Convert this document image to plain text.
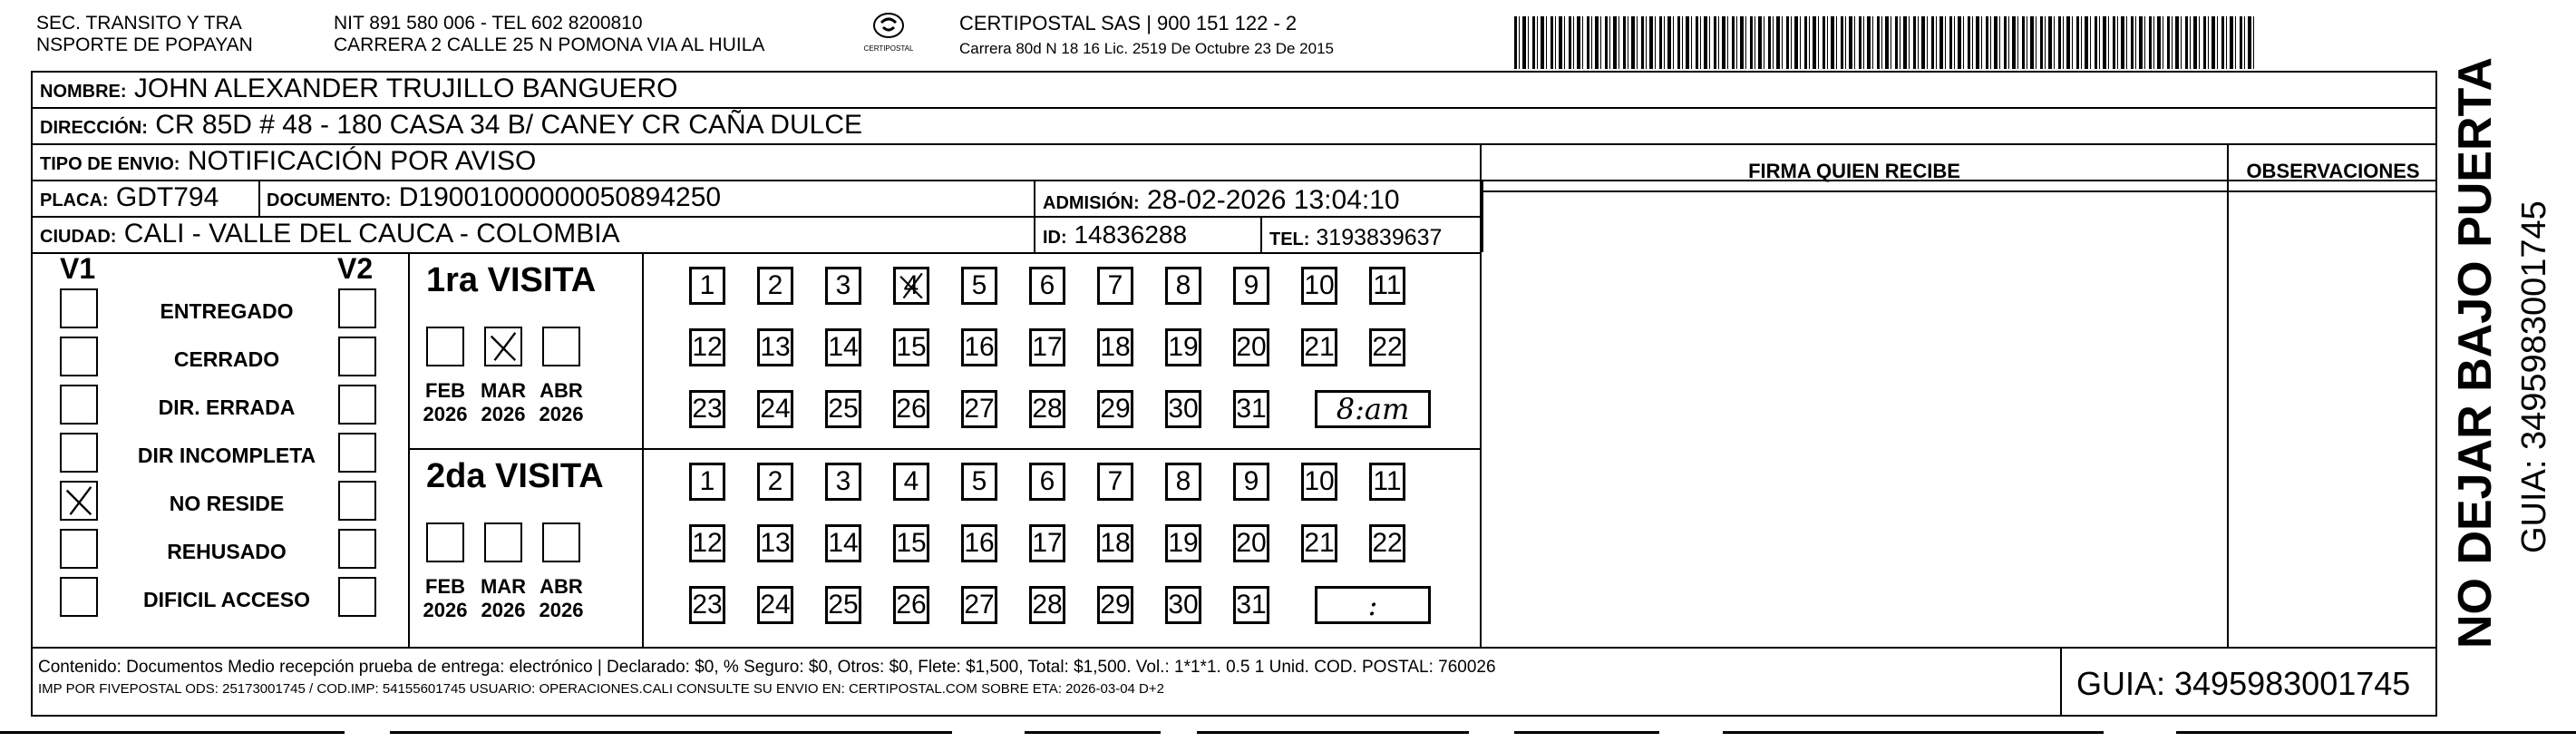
SEC. TRANSITO Y TRA
NSPORTE DE POPAYAN
NIT 891 580 006 - TEL 602 8200810
CARRERA 2 CALLE 25 N POMONA VIA AL HUILA	CERTIPOSTAL
CERTIPOSTAL SAS | 900 151 122 - 2
Carrera 80d N 18 16 Lic. 2519 De Octubre 23 De 2015
NOMBRE: JOHN ALEXANDER TRUJILLO BANGUERO
DIRECCIÓN: CR 85D # 48 - 180 CASA 34 B/ CANEY CR CAÑA DULCE
TIPO DE ENVIO: NOTIFICACIÓN POR AVISO
PLACA: GDT794	DOCUMENTO: D19001000000050894250	ADMISIÓN: 28-02-2026 13:04:10
CIUDAD: CALI - VALLE DEL CAUCA - COLOMBIA	ID: 14836288	TEL: 3193839637
FIRMA QUIEN RECIBE	OBSERVACIONES
V1	V2
ENTREGADO
CERRADO
DIR. ERRADA
DIR INCOMPLETA
NO RESIDE
REHUSADO
DIFICIL ACCESO
1ra VISITA
FEB
2026
MAR
2026
ABR
2026
1	2	3	4	5	6	7	8	9	10 11
12 13 14 15 16 17 18 19 20 21 22
23 24 25 26 27 28 29 30 31	8:am
2da VISITA
FEB
2026
MAR
2026
ABR
2026
1	2	3	4	5	6	7	8	9	10 11
12 13 14 15 16 17 18 19 20 21 22
23 24 25 26 27 28 29 30 31	:
Contenido: Documentos Medio recepción prueba de entrega: electrónico | Declarado: $0, % Seguro: $0, Otros: $0, Flete: $1,500, Total: $1,500. Vol.: 1*1*1. 0.5 1 Unid. COD. POSTAL: 760026
IMP POR FIVEPOSTAL ODS: 25173001745 / COD.IMP: 54155601745 USUARIO: OPERACIONES.CALI CONSULTE SU ENVIO EN: CERTIPOSTAL.COM SOBRE ETA: 2026-03-04 D+2	GUIA: 3495983001745
NO DEJAR BAJO PUERTA GUIA: 3495983001745
